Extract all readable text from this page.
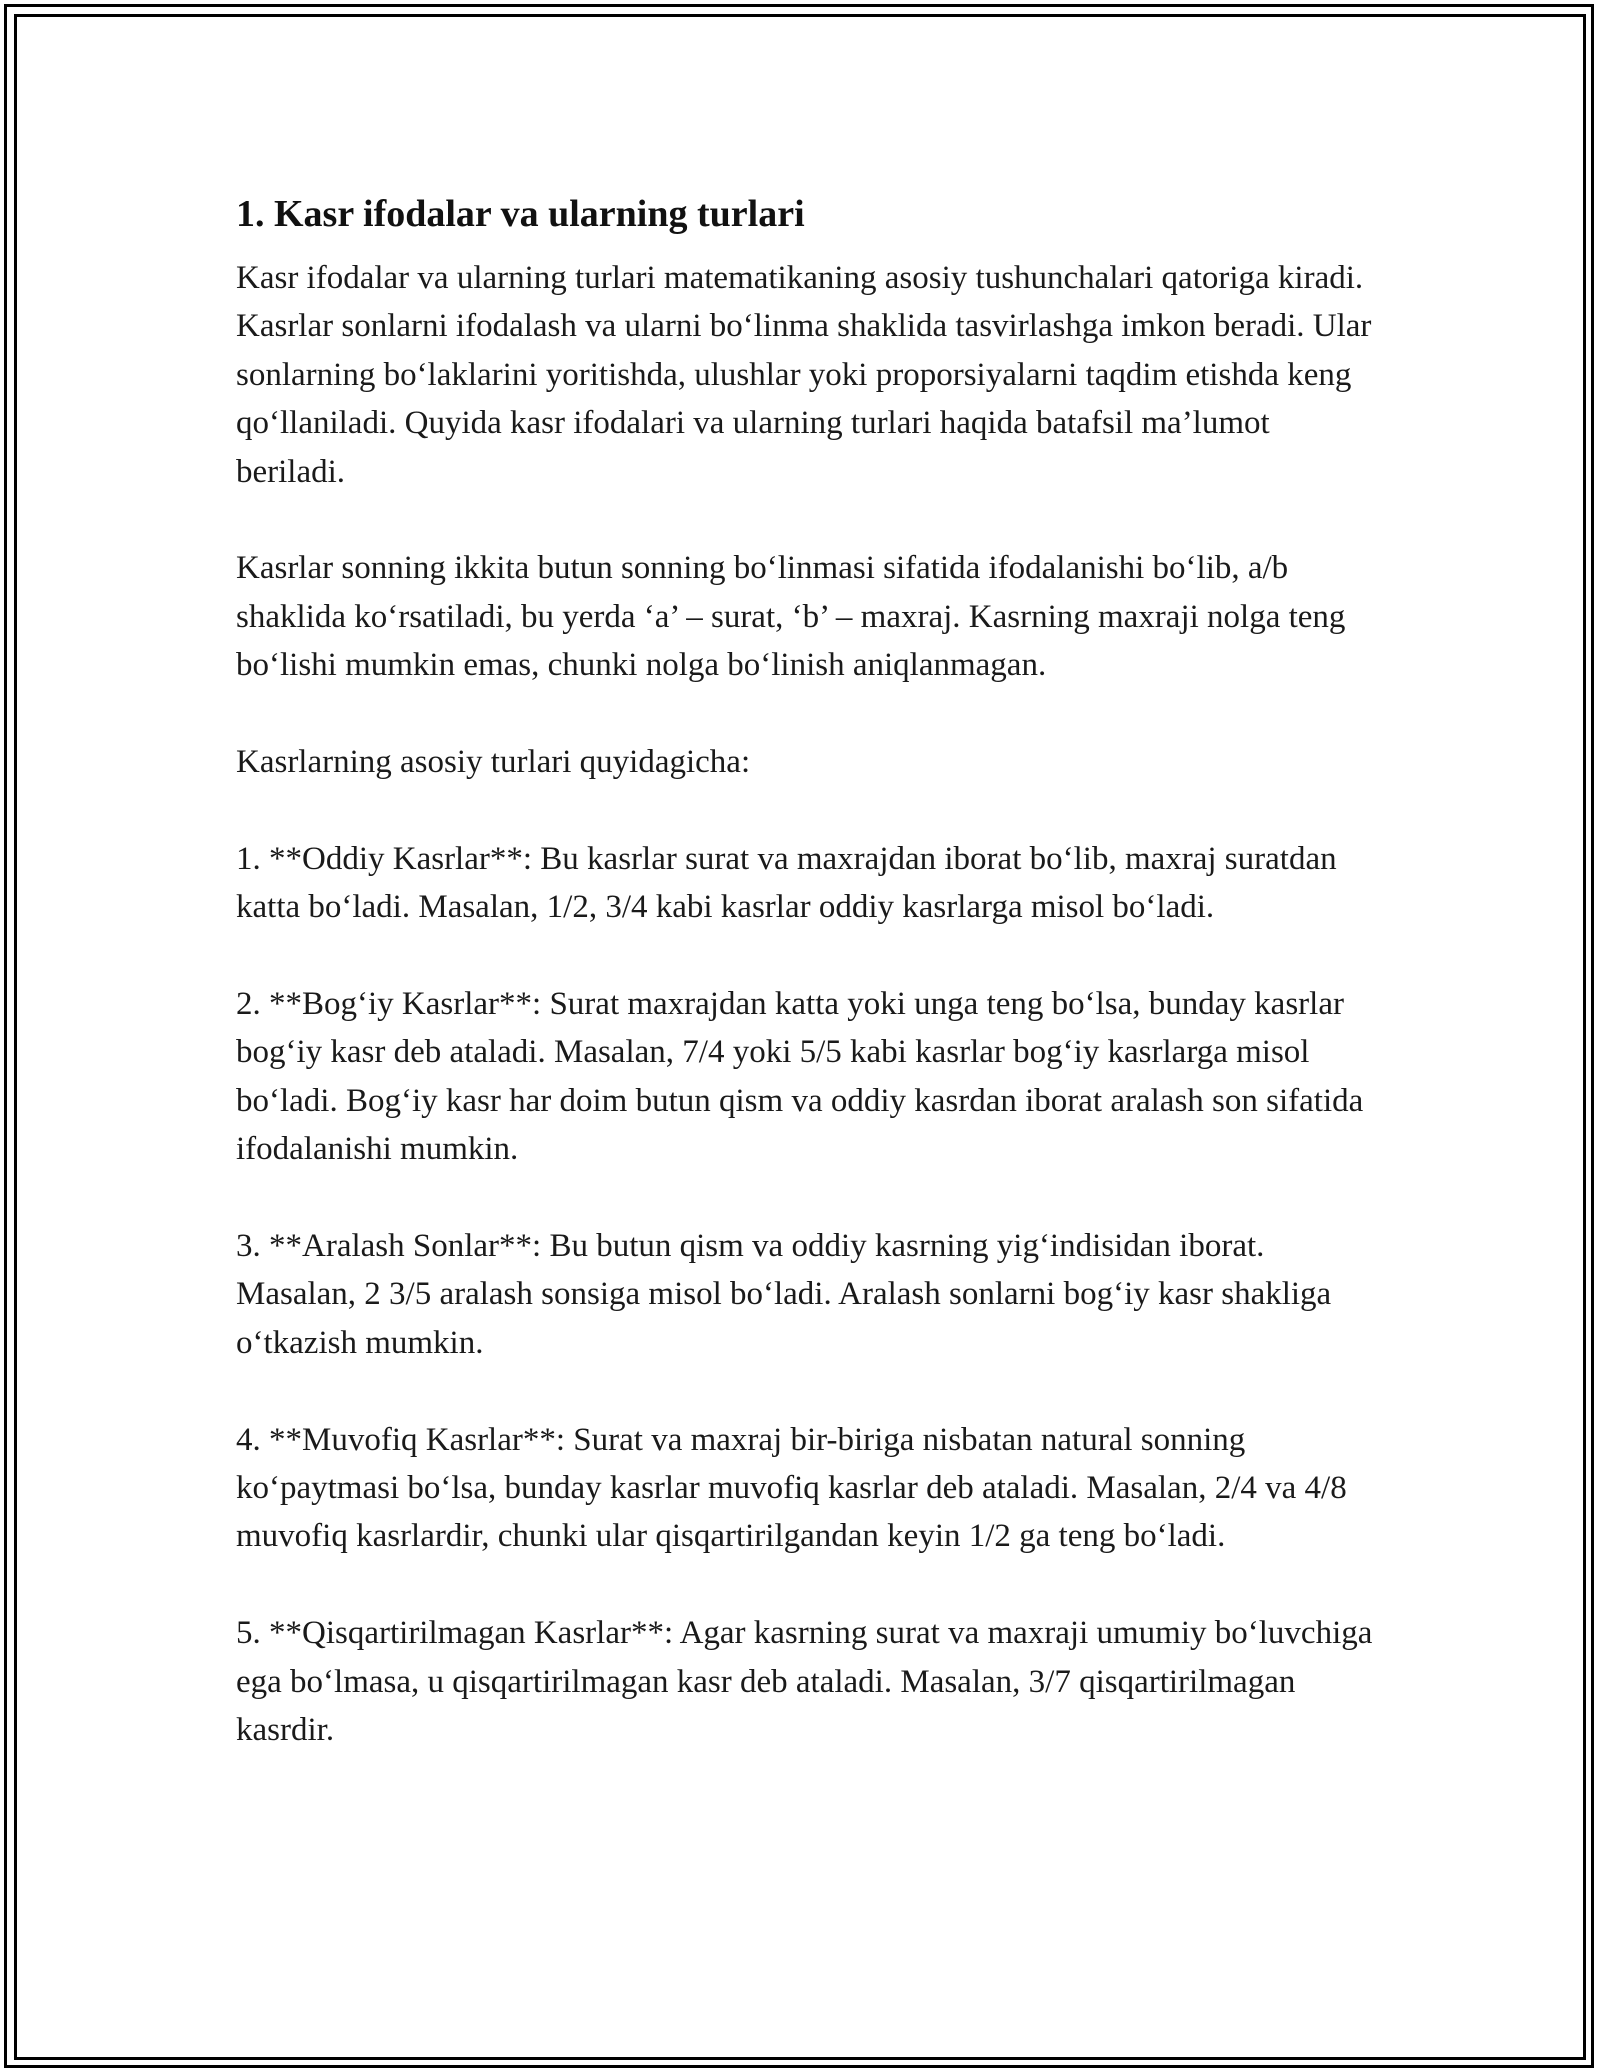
1. Kasr ifodalar va ularning turlari

Kasr ifodalar va ularning turlari matematikaning asosiy tushunchalari qatoriga kiradi. Kasrlar sonlarni ifodalash va ularni bo‘linma shaklida tasvirlashga imkon beradi. Ular sonlarning bo‘laklarini yoritishda, ulushlar yoki proporsiyalarni taqdim etishda keng qo‘llaniladi. Quyida kasr ifodalari va ularning turlari haqida batafsil ma’lumot beriladi.

Kasrlar sonning ikkita butun sonning bo‘linmasi sifatida ifodalanishi bo‘lib, a/b shaklida ko‘rsatiladi, bu yerda ‘a’ – surat, ‘b’ – maxraj. Kasrning maxraji nolga teng bo‘lishi mumkin emas, chunki nolga bo‘linish aniqlanmagan.

Kasrlarning asosiy turlari quyidagicha:

1. **Oddiy Kasrlar**: Bu kasrlar surat va maxrajdan iborat bo‘lib, maxraj suratdan katta bo‘ladi. Masalan, 1/2, 3/4 kabi kasrlar oddiy kasrlarga misol bo‘ladi.

2. **Bog‘iy Kasrlar**: Surat maxrajdan katta yoki unga teng bo‘lsa, bunday kasrlar bog‘iy kasr deb ataladi. Masalan, 7/4 yoki 5/5 kabi kasrlar bog‘iy kasrlarga misol bo‘ladi. Bog‘iy kasr har doim butun qism va oddiy kasrdan iborat aralash son sifatida ifodalanishi mumkin.

3. **Aralash Sonlar**: Bu butun qism va oddiy kasrning yig‘indisidan iborat. Masalan, 2 3/5 aralash sonsiga misol bo‘ladi. Aralash sonlarni bog‘iy kasr shakliga o‘tkazish mumkin.

4. **Muvofiq Kasrlar**: Surat va maxraj bir-biriga nisbatan natural sonning ko‘paytmasi bo‘lsa, bunday kasrlar muvofiq kasrlar deb ataladi. Masalan, 2/4 va 4/8 muvofiq kasrlardir, chunki ular qisqartirilgandan keyin 1/2 ga teng bo‘ladi.

5. **Qisqartirilmagan Kasrlar**: Agar kasrning surat va maxraji umumiy bo‘luvchiga ega bo‘lmasa, u qisqartirilmagan kasr deb ataladi. Masalan, 3/7 qisqartirilmagan kasrdir.
